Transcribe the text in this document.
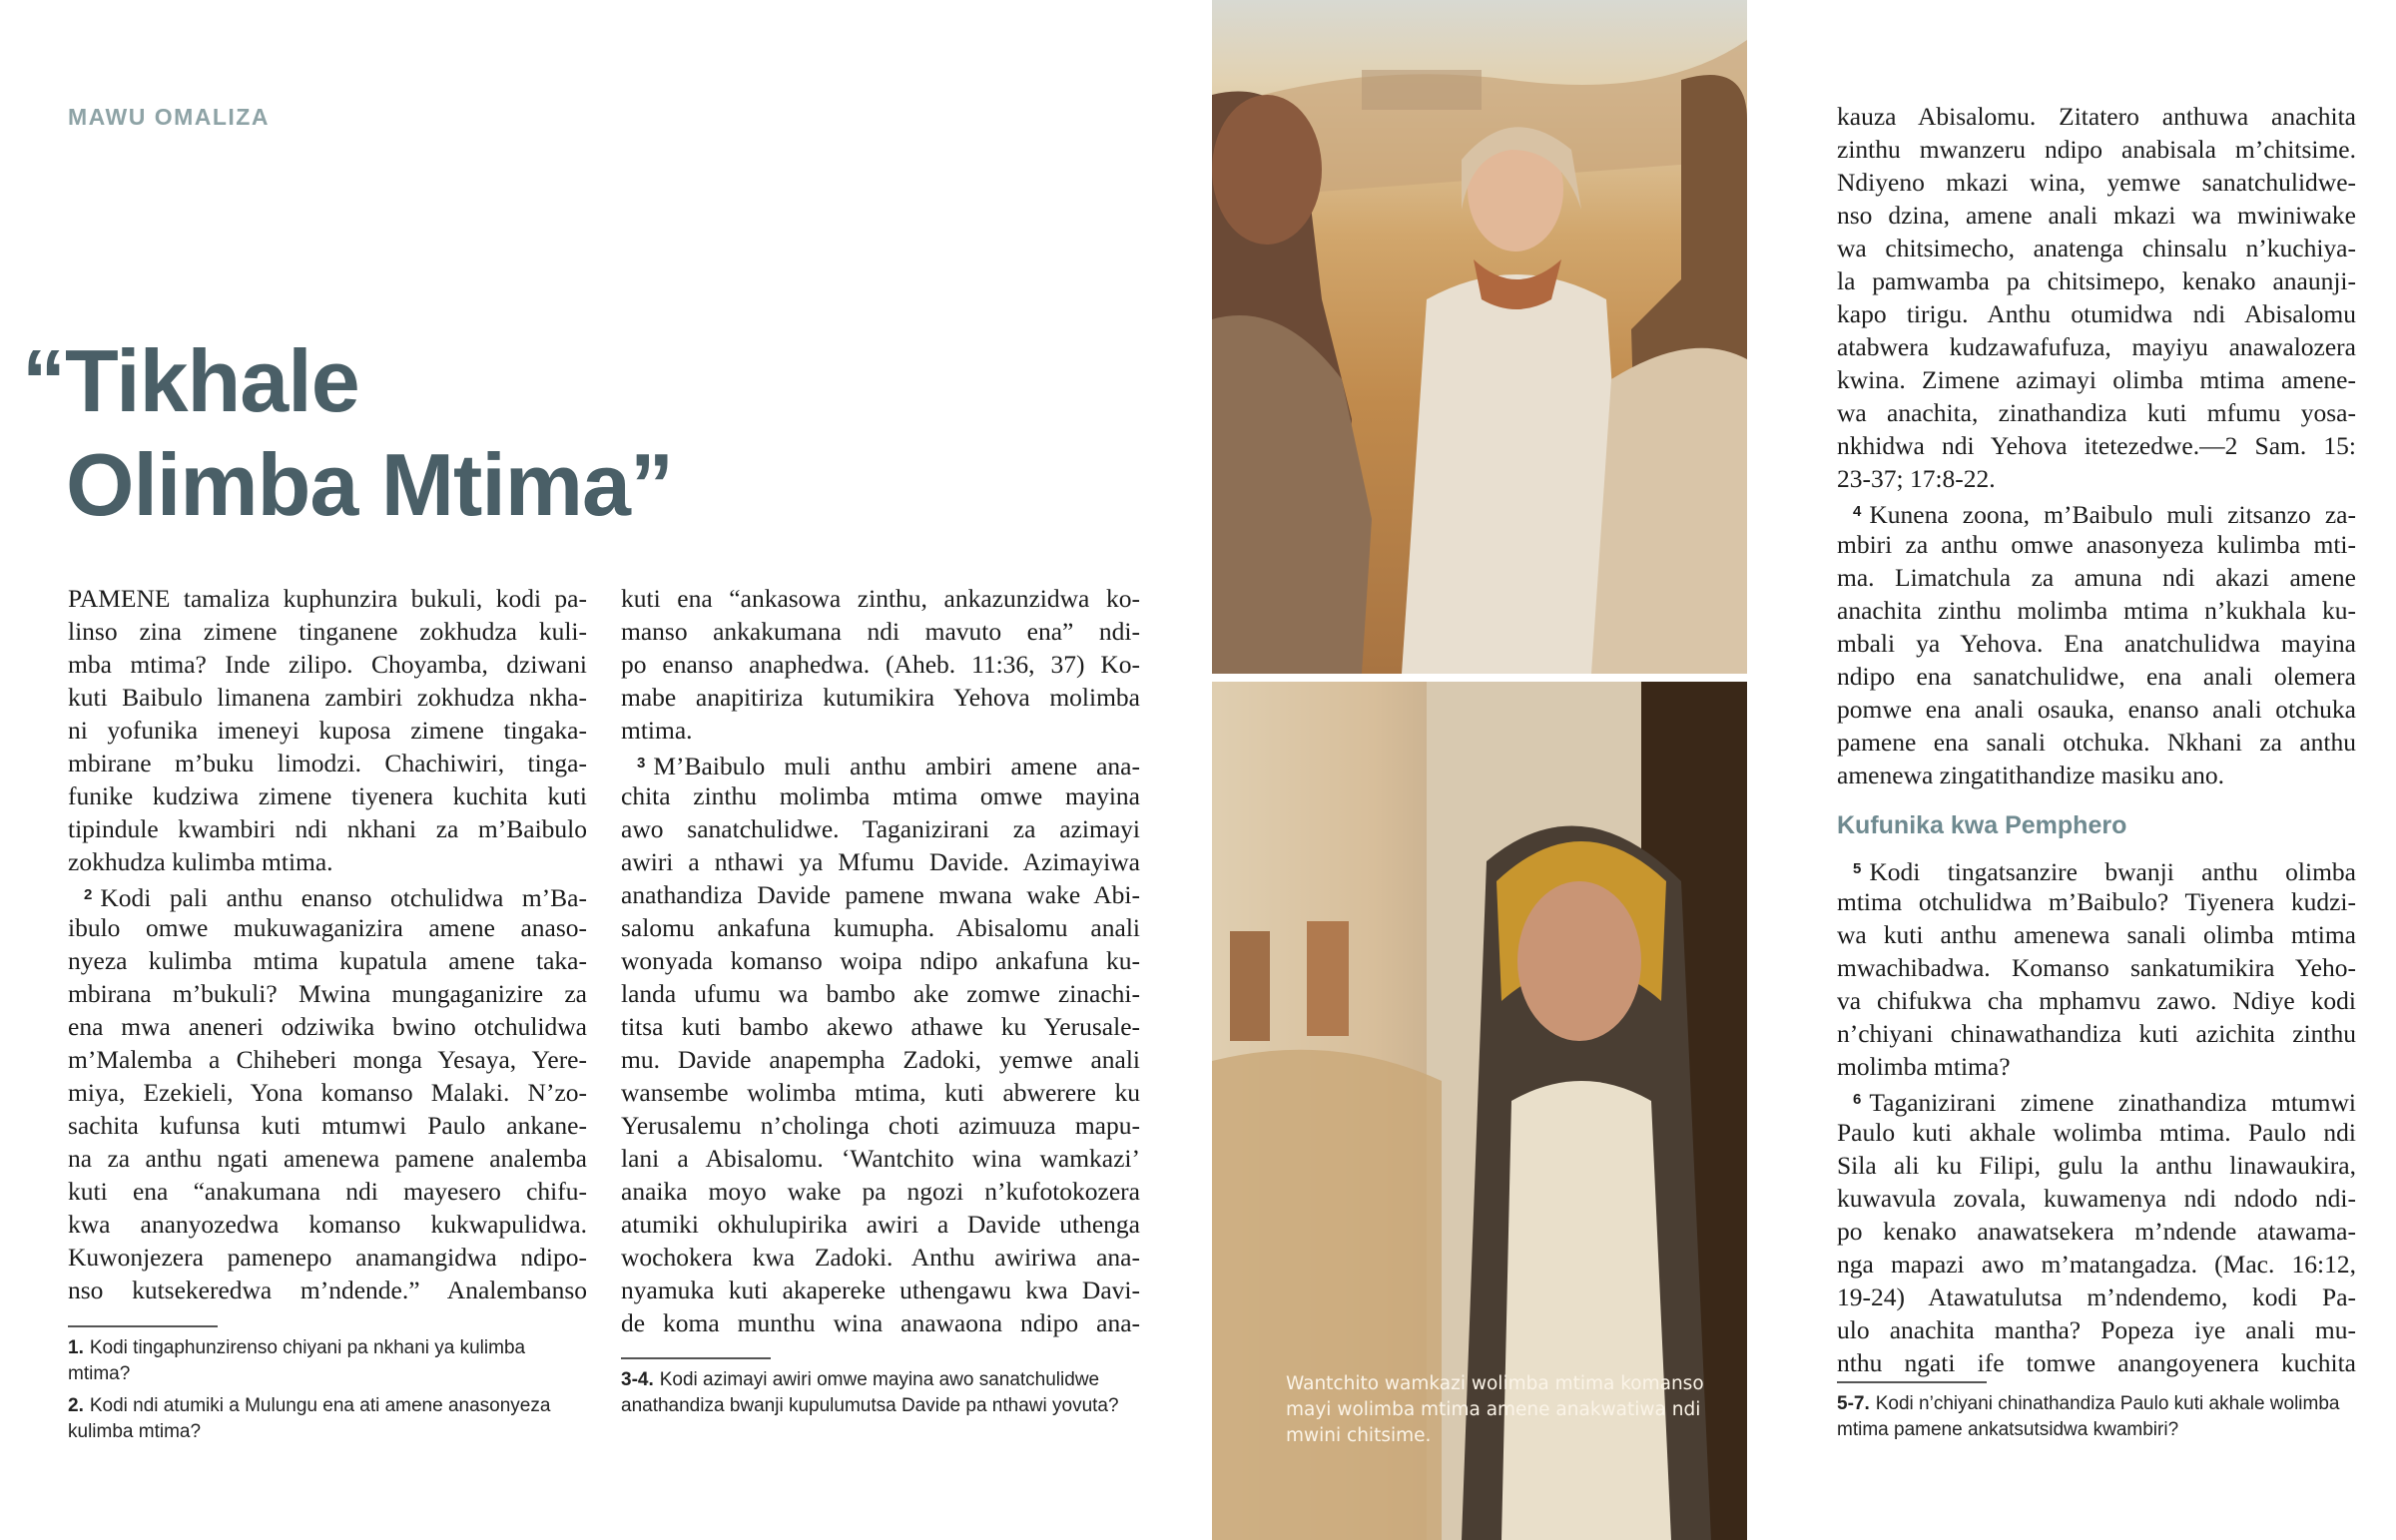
MAWU OMALIZA
“Tikhale
Olimba Mtima”
PAMENE tamaliza kuphunzira bukuli, kodi pa-
linso zina zimene tinganene zokhudza kuli-
mba mtima? Inde zilipo. Choyamba, dziwani
kuti Baibulo limanena zambiri zokhudza nkha-
ni yofunika imeneyi kuposa zimene tingaka-
mbirane m’buku limodzi. Chachiwiri, tinga-
funike kudziwa zimene tiyenera kuchita kuti
tipindule kwambiri ndi nkhani za m’Baibulo
zokhudza kulimba mtima.
$^2$ Kodi pali anthu enanso otchulidwa m’Ba-
ibulo omwe mukuwaganizira amene anaso-
nyeza kulimba mtima kupatula amene taka-
mbirana m’bukuli? Mwina mungaganizire za
ena mwa aneneri odziwika bwino otchulidwa
m’Malemba a Chiheberi monga Yesaya, Yere-
miya, Ezekieli, Yona komanso Malaki. N’zo-
sachita kufunsa kuti mtumwi Paulo ankane-
na za anthu ngati amenewa pamene analemba
kuti ena “anakumana ndi mayesero chifu-
kwa ananyozedwa komanso kukwapulidwa.
Kuwonjezera pamenepo anamangidwa ndipo-
nso kutsekeredwa m’ndende.” Analembanso
kuti ena “ankasowa zinthu, ankazunzidwa ko-
manso ankakumana ndi mavuto ena” ndi-
po enanso anaphedwa. (Aheb. 11:36, 37) Ko-
mabe anapitiriza kutumikira Yehova molimba
mtima.
$^3$ M’Baibulo muli anthu ambiri amene ana-
chita zinthu molimba mtima omwe mayina
awo sanatchulidwe. Taganizirani za azimayi
awiri a nthawi ya Mfumu Davide. Azimayiwa
anathandiza Davide pamene mwana wake Abi-
salomu ankafuna kumupha. Abisalomu anali
wonyada komanso woipa ndipo ankafuna ku-
landa ufumu wa bambo ake zomwe zinachi-
titsa kuti bambo akewo athawe ku Yerusale-
mu. Davide anapempha Zadoki, yemwe anali
wansembe wolimba mtima, kuti abwerere ku
Yerusalemu n’cholinga choti azimuuza mapu-
lani a Abisalomu. ‘Wantchito wina wamkazi’
anaika moyo wake pa ngozi n’kufotokozera
atumiki okhulupirika awiri a Davide uthenga
wochokera kwa Zadoki. Anthu awiriwa ana-
nyamuka kuti akapereke uthengawu kwa Davi-
de koma munthu wina anawaona ndipo ana-
kauza Abisalomu. Zitatero anthuwa anachita
zinthu mwanzeru ndipo anabisala m’chitsime.
Ndiyeno mkazi wina, yemwe sanatchulidwe-
nso dzina, amene anali mkazi wa mwiniwake
wa chitsimecho, anatenga chinsalu n’kuchiya-
la pamwamba pa chitsimepo, kenako anaunji-
kapo tirigu. Anthu otumidwa ndi Abisalomu
atabwera kudzawafufuza, mayiyu anawalozera
kwina. Zimene azimayi olimba mtima amene-
wa anachita, zinathandiza kuti mfumu yosa-
nkhidwa ndi Yehova itetezedwe.—2 Sam. 15:
23-37; 17:8-22.
$^4$ Kunena zoona, m’Baibulo muli zitsanzo za-
mbiri za anthu omwe anasonyeza kulimba mti-
ma. Limatchula za amuna ndi akazi amene
anachita zinthu molimba mtima n’kukhala ku-
mbali ya Yehova. Ena anatchulidwa mayina
ndipo ena sanatchulidwe, ena anali olemera
pomwe ena anali osauka, enanso anali otchuka
pamene ena sanali otchuka. Nkhani za anthu
amenewa zingatithandize masiku ano.
Kufunika kwa Pemphero
$^5$ Kodi tingatsanzire bwanji anthu olimba
mtima otchulidwa m’Baibulo? Tiyenera kudzi-
wa kuti anthu amenewa sanali olimba mtima
mwachibadwa. Komanso sankatumikira Yeho-
va chifukwa cha mphamvu zawo. Ndiye kodi
n’chiyani chinawathandiza kuti azichita zinthu
molimba mtima?
$^6$ Taganizirani zimene zinathandiza mtumwi
Paulo kuti akhale wolimba mtima. Paulo ndi
Sila ali ku Filipi, gulu la anthu linawaukira,
kuwavula zovala, kuwamenya ndi ndodo ndi-
po kenako anawatsekera m’ndende atawama-
nga mapazi awo m’matangadza. (Mac. 16:12,
19-24) Atawatulutsa m’ndendemo, kodi Pa-
ulo anachita mantha? Popeza iye anali mu-
nthu ngati ife tomwe anangoyenera kuchita

1. Kodi tingaphunzirenso chiyani pa nkhani ya kulimba mtima?

2. Kodi ndi atumiki a Mulungu ena ati amene anasonyeza kulimba mtima?

3-4. Kodi azimayi awiri omwe mayina awo sanatchulidwe anathandiza bwanji kupulumutsa Davide pa nthawi yovuta?	5-7. Kodi n’chiyani chinathandiza Paulo kuti akhale wolimba mtima pamene ankatsutsidwa kwambiri?

Wantchito wamkazi wolimba mtima komanso mayi wolimba mtima amene anakwatiwa ndi mwini chitsime.
